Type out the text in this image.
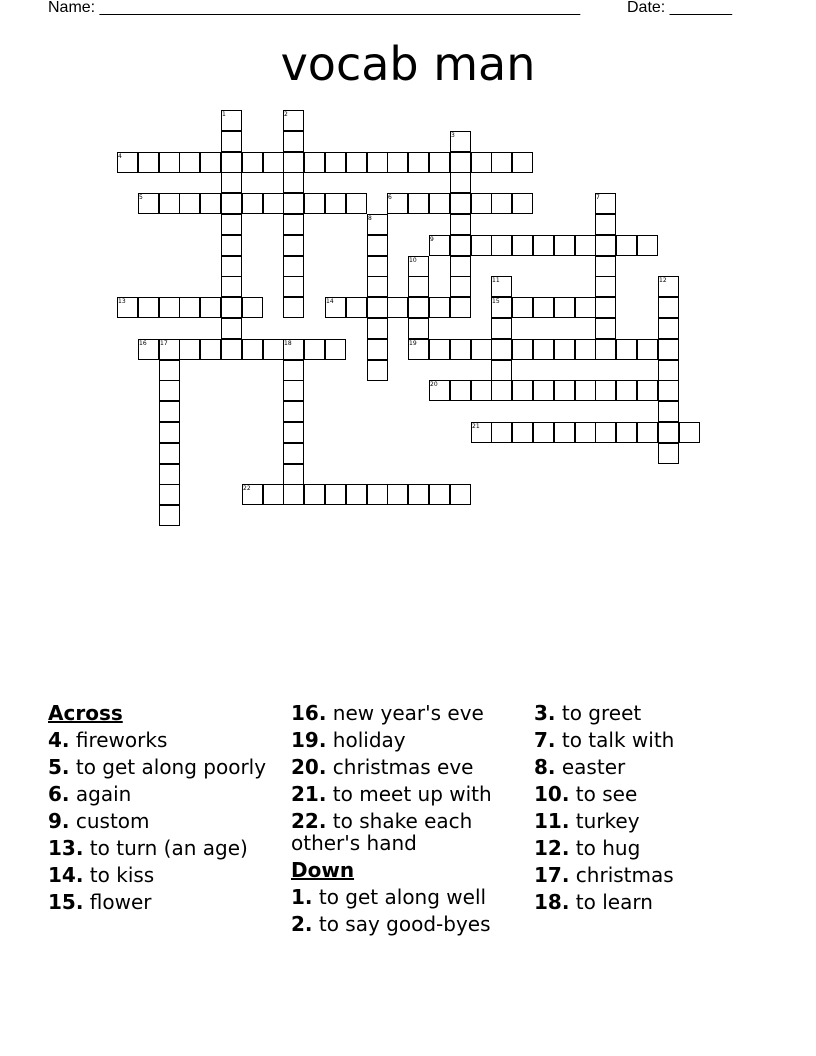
Name: ______________________________________________________	Date: _______
vocab man
1	2
3
4
5	6	7
8
9
10
11	12
13	14	15
16 17	18	19
20
21
22
Across
4. fireworks
5. to get along poorly
6. again
9. custom
13. to turn (an age)
14. to kiss
15. flower
16. new year's eve
19. holiday
20. christmas eve
21. to meet up with
22. to shake each other's hand
Down
1. to get along well
2. to say good-byes
3. to greet
7. to talk with
8. easter
10. to see
11. turkey
12. to hug
17. christmas
18. to learn
